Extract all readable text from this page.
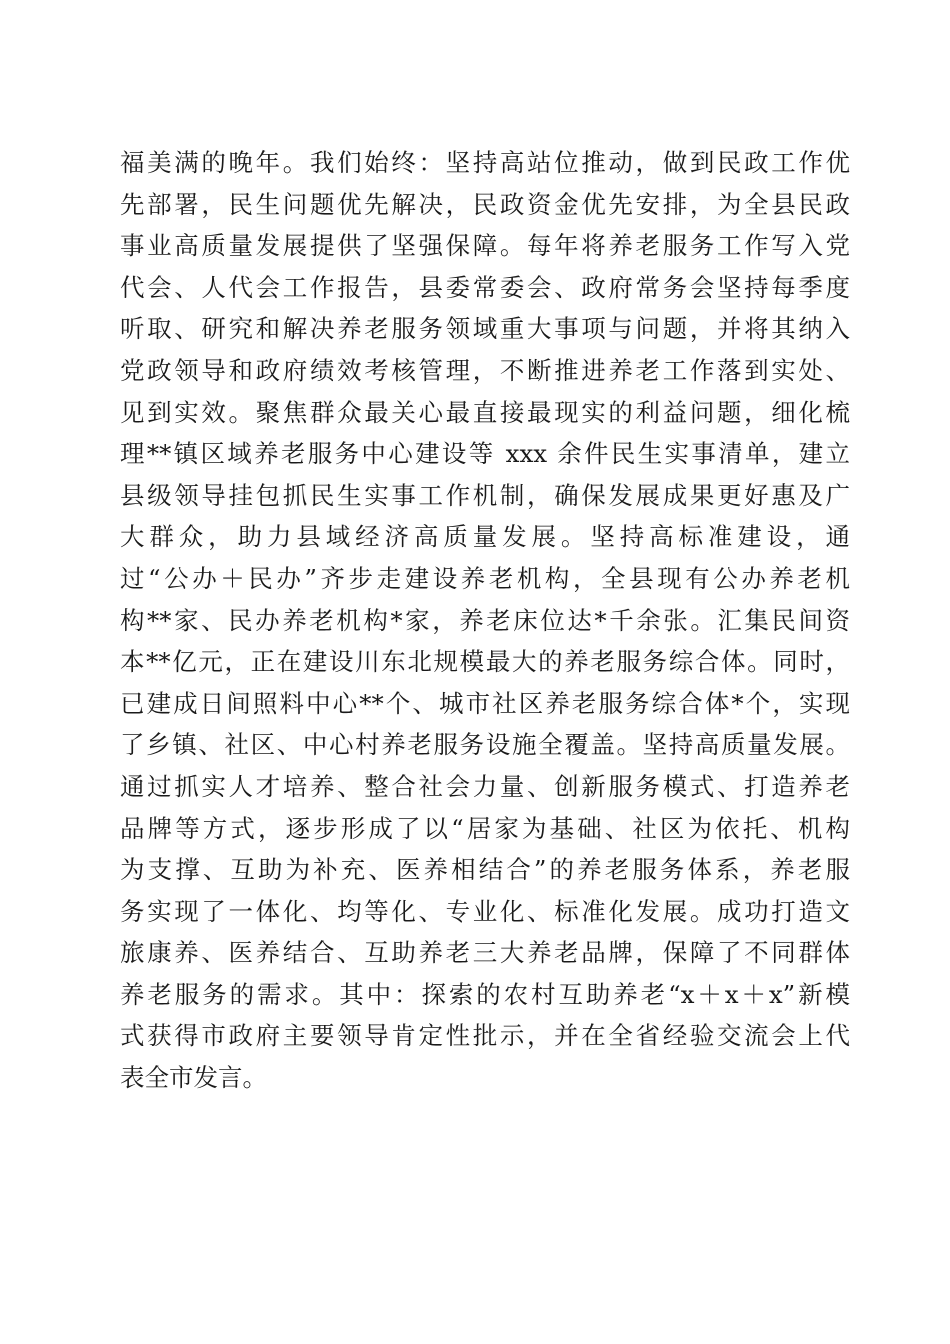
福美满的晚年。我们始终：坚持高站位推动，做到民政工作优
先部署，民生问题优先解决，民政资金优先安排，为全县民政
事业高质量发展提供了坚强保障。每年将养老服务工作写入党
代会、人代会工作报告，县委常委会、政府常务会坚持每季度
听取、研究和解决养老服务领域重大事项与问题，并将其纳入
党政领导和政府绩效考核管理，不断推进养老工作落到实处、
见到实效。聚焦群众最关心最直接最现实的利益问题，细化梳
理**镇区域养老服务中心建设等 xxx 余件民生实事清单，建立
县级领导挂包抓民生实事工作机制，确保发展成果更好惠及广
大群众，助力县域经济高质量发展。坚持高标准建设，通
过“公办＋民办”齐步走建设养老机构，全县现有公办养老机
构**家、民办养老机构*家，养老床位达*千余张。汇集民间资
本**亿元，正在建设川东北规模最大的养老服务综合体。同时，
已建成日间照料中心**个、城市社区养老服务综合体*个，实现
了乡镇、社区、中心村养老服务设施全覆盖。坚持高质量发展。
通过抓实人才培养、整合社会力量、创新服务模式、打造养老
品牌等方式，逐步形成了以“居家为基础、社区为依托、机构
为支撑、互助为补充、医养相结合”的养老服务体系，养老服
务实现了一体化、均等化、专业化、标准化发展。成功打造文
旅康养、医养结合、互助养老三大养老品牌，保障了不同群体
养老服务的需求。其中：探索的农村互助养老“x＋x＋x”新模
式获得市政府主要领导肯定性批示，并在全省经验交流会上代
表全市发言。
